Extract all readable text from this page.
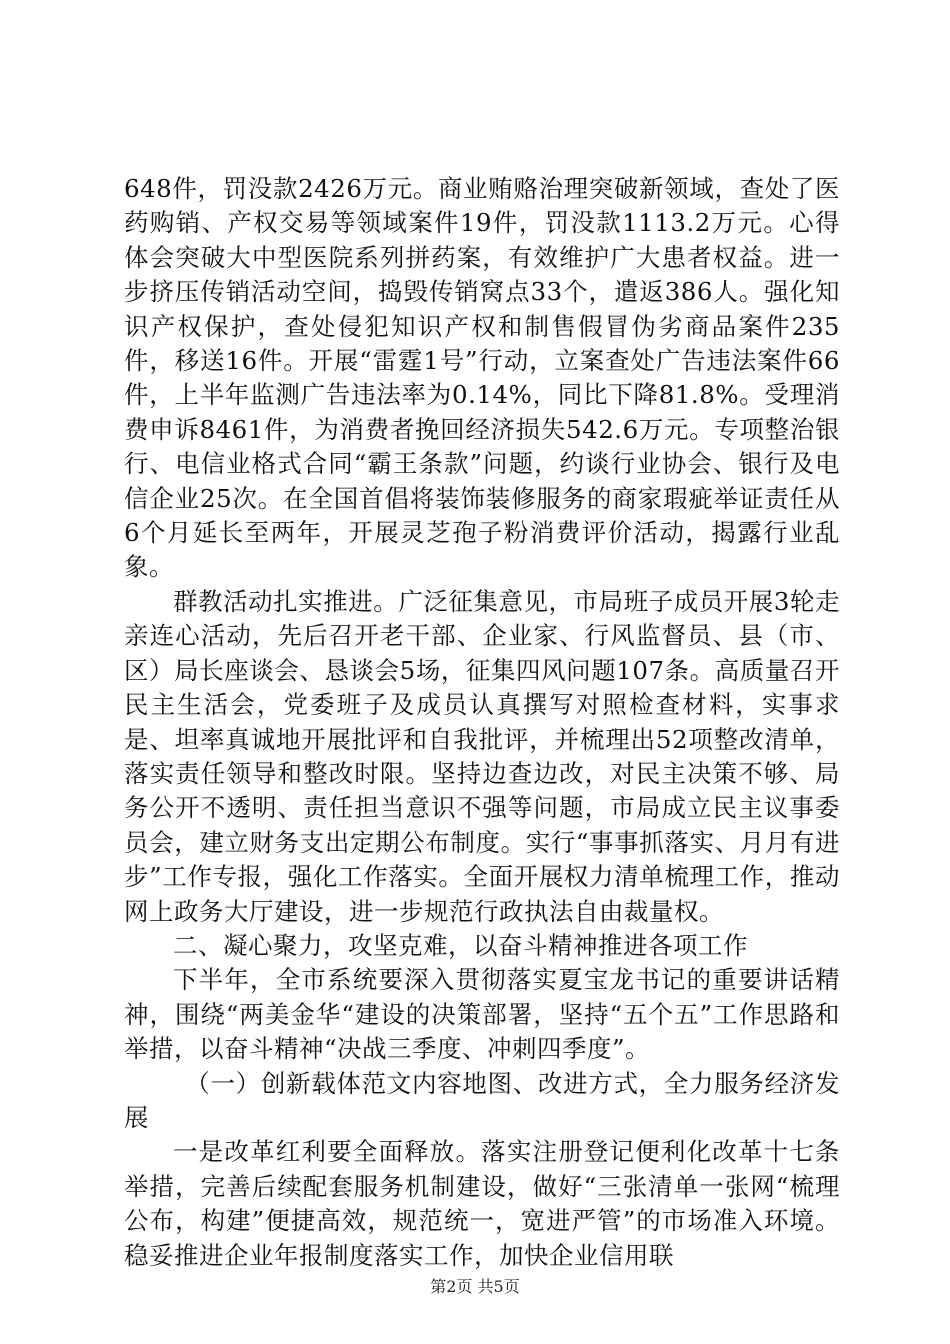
648件，罚没款2426万元。商业贿赂治理突破新领域，查处了医药购销、产权交易等领域案件19件，罚没款1113.2万元。心得体会突破大中型医院系列拼药案，有效维护广大患者权益。进一步挤压传销活动空间，捣毁传销窝点33个，遣返386人。强化知识产权保护，查处侵犯知识产权和制售假冒伪劣商品案件235件，移送16件。开展“雷霆1号”行动，立案查处广告违法案件66件，上半年监测广告违法率为0.14%，同比下降81.8%。受理消费申诉8461件，为消费者挽回经济损失542.6万元。专项整治银行、电信业格式合同“霸王条款”问题，约谈行业协会、银行及电信企业25次。在全国首倡将装饰装修服务的商家瑕疵举证责任从6个月延长至两年，开展灵芝孢子粉消费评价活动，揭露行业乱象。

群教活动扎实推进。广泛征集意见，市局班子成员开展3轮走亲连心活动，先后召开老干部、企业家、行风监督员、县（市、区）局长座谈会、恳谈会5场，征集四风问题107条。高质量召开民主生活会，党委班子及成员认真撰写对照检查材料，实事求是、坦率真诚地开展批评和自我批评，并梳理出52项整改清单，落实责任领导和整改时限。坚持边查边改，对民主决策不够、局务公开不透明、责任担当意识不强等问题，市局成立民主议事委员会，建立财务支出定期公布制度。实行“事事抓落实、月月有进步”工作专报，强化工作落实。全面开展权力清单梳理工作，推动网上政务大厅建设，进一步规范行政执法自由裁量权。

二、凝心聚力，攻坚克难，以奋斗精神推进各项工作

下半年，全市系统要深入贯彻落实夏宝龙书记的重要讲话精神，围绕“两美金华“建设的决策部署，坚持“五个五”工作思路和举措，以奋斗精神“决战三季度、冲刺四季度”。

（一）创新载体范文内容地图、改进方式，全力服务经济发展

一是改革红利要全面释放。落实注册登记便利化改革十七条举措，完善后续配套服务机制建设，做好“三张清单一张网“梳理公布，构建”便捷高效，规范统一，宽进严管”的市场准入环境。稳妥推进企业年报制度落实工作，加快企业信用联

第2页 共5页
